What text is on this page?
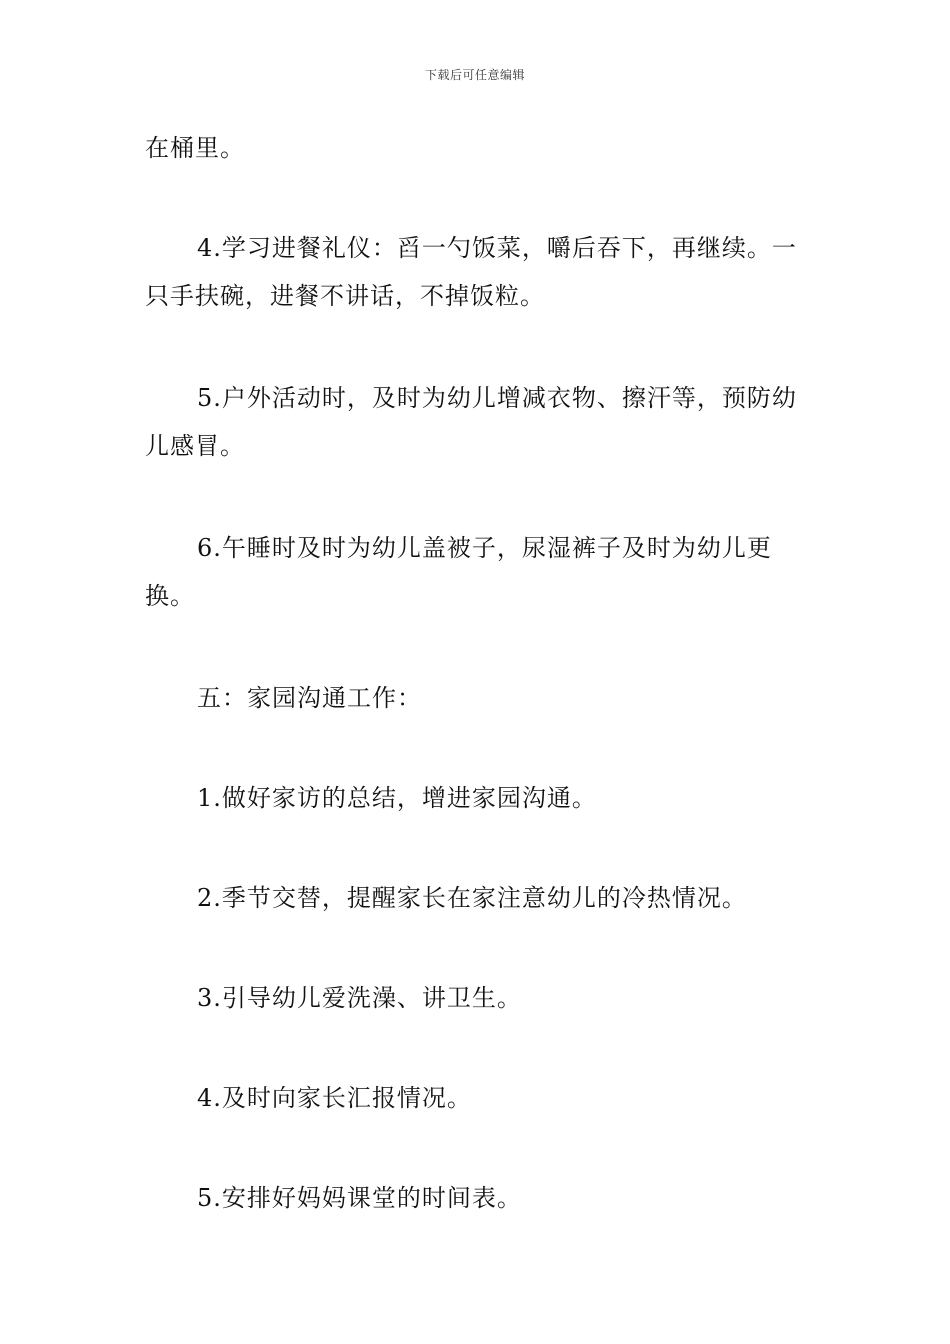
下载后可任意编辑

在桶里。

4.学习进餐礼仪：舀一勺饭菜，嚼后吞下，再继续。一只手扶碗，进餐不讲话，不掉饭粒。

5.户外活动时，及时为幼儿增减衣物、擦汗等，预防幼儿感冒。

6.午睡时及时为幼儿盖被子，尿湿裤子及时为幼儿更换。

五：家园沟通工作：

1.做好家访的总结，增进家园沟通。

2.季节交替，提醒家长在家注意幼儿的冷热情况。

3.引导幼儿爱洗澡、讲卫生。

4.及时向家长汇报情况。

5.安排好妈妈课堂的时间表。
